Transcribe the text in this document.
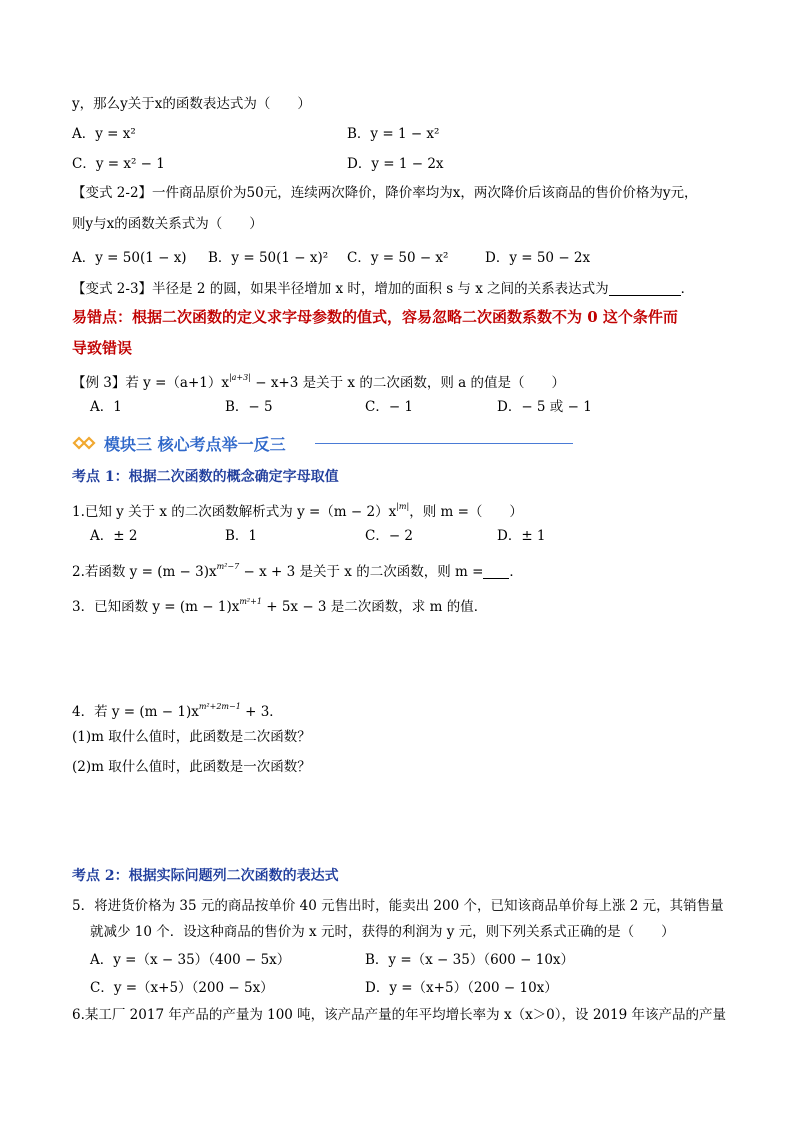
y，那么y关于x的函数表达式为（　　）
A．y = x²	B．y = 1 − x²
C．y = x² − 1	D．y = 1 − 2x
【变式 2-2】一件商品原价为50元，连续两次降价，降价率均为x，两次降价后该商品的售价价格为y元，
则y与x的函数关系式为（　　）
A．y = 50(1 − x) B．y = 50(1 − x)² C．y = 50 − x²	D．y = 50 − 2x
【变式 2-3】半径是 2 的圆，如果半径增加 x 时，增加的面积 s 与 x 之间的关系表达式为	．
易错点：根据二次函数的定义求字母参数的值式，容易忽略二次函数系数不为 0 这个条件而
导致错误
【例 3】若 $y =(a+1)x^{|a+3|} - x+3$ 是关于 x 的二次函数，则 a 的值是（　　）
A．1	B．− 5	C．− 1	D．− 5 或 − 1
模块三 核心考点举一反三
考点 1：根据二次函数的概念确定字母取值
1.已知 y 关于 x 的二次函数解析式为 $y =(m - 2)x^{|m|}$，则 m =（　　）
A．± 2	B．1	C．− 2	D．± 1
2.若函数 $y = (m - 3)x^{m^2-7} - x + 3$ 是关于 x 的二次函数，则 m = ．
3．已知函数 $y = (m - 1)x^{m^2+1} + 5x - 3$ 是二次函数，求 m 的值．
4．若 $y = (m - 1)x^{m^2+2m-1} + 3$．
(1)m 取什么值时，此函数是二次函数？
(2)m 取什么值时，此函数是一次函数？
考点 2：根据实际问题列二次函数的表达式
5．将进货价格为 35 元的商品按单价 40 元售出时，能卖出 200 个，已知该商品单价每上涨 2 元，其销售量
就减少 10 个．设这种商品的售价为 x 元时，获得的利润为 y 元，则下列关系式正确的是（　　）
A．y =（x − 35）（400 − 5x）	B．y =（x − 35）（600 − 10x）
C．y =（x+5）（200 − 5x）	D．y =（x+5）（200 − 10x）
6.某工厂 2017 年产品的产量为 100 吨，该产品产量的年平均增长率为 x（x＞0），设 2019 年该产品的产量
